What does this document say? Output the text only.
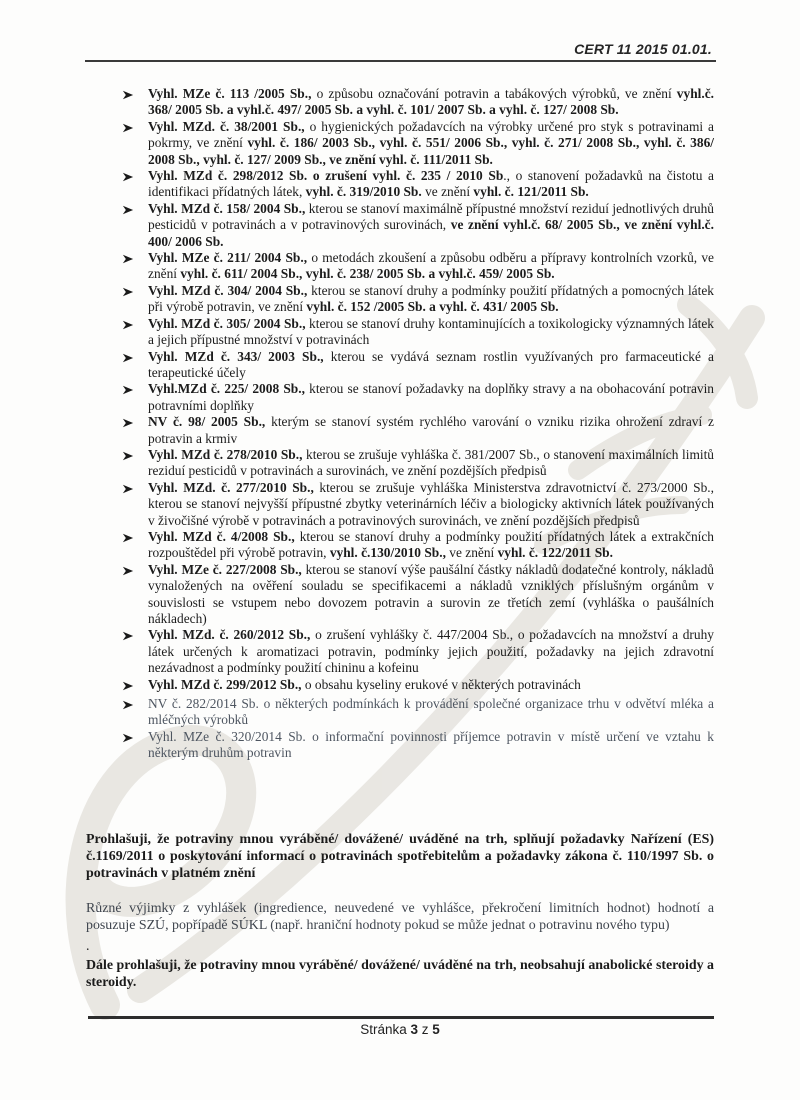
CERT 11 2015 01.01.
Vyhl. MZe č. 113 /2005 Sb., o způsobu označování potravin a tabákových výrobků, ve znění vyhl.č. 368/ 2005 Sb. a vyhl.č. 497/ 2005 Sb. a vyhl. č. 101/ 2007 Sb. a vyhl. č. 127/ 2008 Sb.
Vyhl. MZd. č. 38/2001 Sb., o hygienických požadavcích na výrobky určené pro styk s potravinami a pokrmy, ve znění vyhl. č. 186/ 2003 Sb., vyhl. č. 551/ 2006 Sb., vyhl. č. 271/ 2008 Sb., vyhl. č. 386/ 2008 Sb., vyhl. č. 127/ 2009 Sb., ve znění vyhl. č. 111/2011 Sb.
Vyhl. MZd č. 298/2012 Sb. o zrušení vyhl. č. 235 / 2010 Sb., o stanovení požadavků na čistotu a identifikaci přídatných látek, vyhl. č. 319/2010 Sb. ve znění vyhl. č. 121/2011 Sb.
Vyhl. MZd č. 158/ 2004 Sb., kterou se stanoví maximálně přípustné množství reziduí jednotlivých druhů pesticidů v potravinách a v potravinových surovinách, ve znění vyhl.č. 68/ 2005 Sb., ve znění vyhl.č. 400/ 2006 Sb.
Vyhl. MZe č. 211/ 2004 Sb., o metodách zkoušení a způsobu odběru a přípravy kontrolních vzorků, ve znění vyhl. č. 611/ 2004 Sb., vyhl. č. 238/ 2005 Sb. a vyhl.č. 459/ 2005 Sb.
Vyhl. MZd č. 304/ 2004 Sb., kterou se stanoví druhy a podmínky použití přídatných a pomocných látek při výrobě potravin, ve znění vyhl. č. 152 /2005 Sb. a vyhl. č. 431/ 2005 Sb.
Vyhl. MZd č. 305/ 2004 Sb., kterou se stanoví druhy kontaminujících a toxikologicky významných látek a jejich přípustné množství v potravinách
Vyhl. MZd č. 343/ 2003 Sb., kterou se vydává seznam rostlin využívaných pro farmaceutické a terapeutické účely
Vyhl.MZd č. 225/ 2008 Sb., kterou se stanoví požadavky na doplňky stravy a na obohacování potravin potravními doplňky
NV č. 98/ 2005 Sb., kterým se stanoví systém rychlého varování o vzniku rizika ohrožení zdraví z potravin a krmiv
Vyhl. MZd č. 278/2010 Sb., kterou se zrušuje vyhláška č. 381/2007 Sb., o stanovení maximálních limitů reziduí pesticidů v potravinách a surovinách, ve znění pozdějších předpisů
Vyhl. MZd. č. 277/2010 Sb., kterou se zrušuje vyhláška Ministerstva zdravotnictví č. 273/2000 Sb., kterou se stanoví nejvyšší přípustné zbytky veterinárních léčiv a biologicky aktivních látek používaných v živočišné výrobě v potravinách a potravinových surovinách, ve znění pozdějších předpisů
Vyhl. MZd č. 4/2008 Sb., kterou se stanoví druhy a podmínky použití přídatných látek a extrakčních rozpouštědel při výrobě potravin, vyhl. č.130/2010 Sb., ve znění vyhl. č. 122/2011 Sb.
Vyhl. MZe č. 227/2008 Sb., kterou se stanoví výše paušální částky nákladů dodatečné kontroly, nákladů vynaložených na ověření souladu se specifikacemi a nákladů vzniklých příslušným orgánům v souvislosti se vstupem nebo dovozem potravin a surovin ze třetích zemí (vyhláška o paušálních nákladech)
Vyhl. MZd. č. 260/2012 Sb., o zrušení vyhlášky č. 447/2004 Sb., o požadavcích na množství a druhy látek určených k aromatizaci potravin, podmínky jejich použití, požadavky na jejich zdravotní nezávadnost a podmínky použití chininu a kofeinu
Vyhl. MZd č. 299/2012 Sb., o obsahu kyseliny erukové v některých potravinách
NV č. 282/2014 Sb. o některých podmínkách k provádění společné organizace trhu v odvětví mléka a mléčných výrobků
Vyhl. MZe č. 320/2014 Sb. o informační povinnosti příjemce potravin v místě určení ve vztahu k některým druhům potravin

Prohlašuji, že potraviny mnou vyráběné/ dovážené/ uváděné na trh, splňují požadavky Nařízení (ES) č.1169/2011 o poskytování informací o potravinách spotřebitelům a požadavky zákona č. 110/1997 Sb. o potravinách v platném znění

Různé výjimky z vyhlášek (ingredience, neuvedené ve vyhlášce, překročení limitních hodnot) hodnotí a posuzuje SZÚ, popřípadě SÚKL (např. hraniční hodnoty pokud se může jednat o potravinu nového typu)

.

Dále prohlašuji, že potraviny mnou vyráběné/ dovážené/ uváděné na trh, neobsahují anabolické steroidy a steroidy.

Stránka 3 z 5
